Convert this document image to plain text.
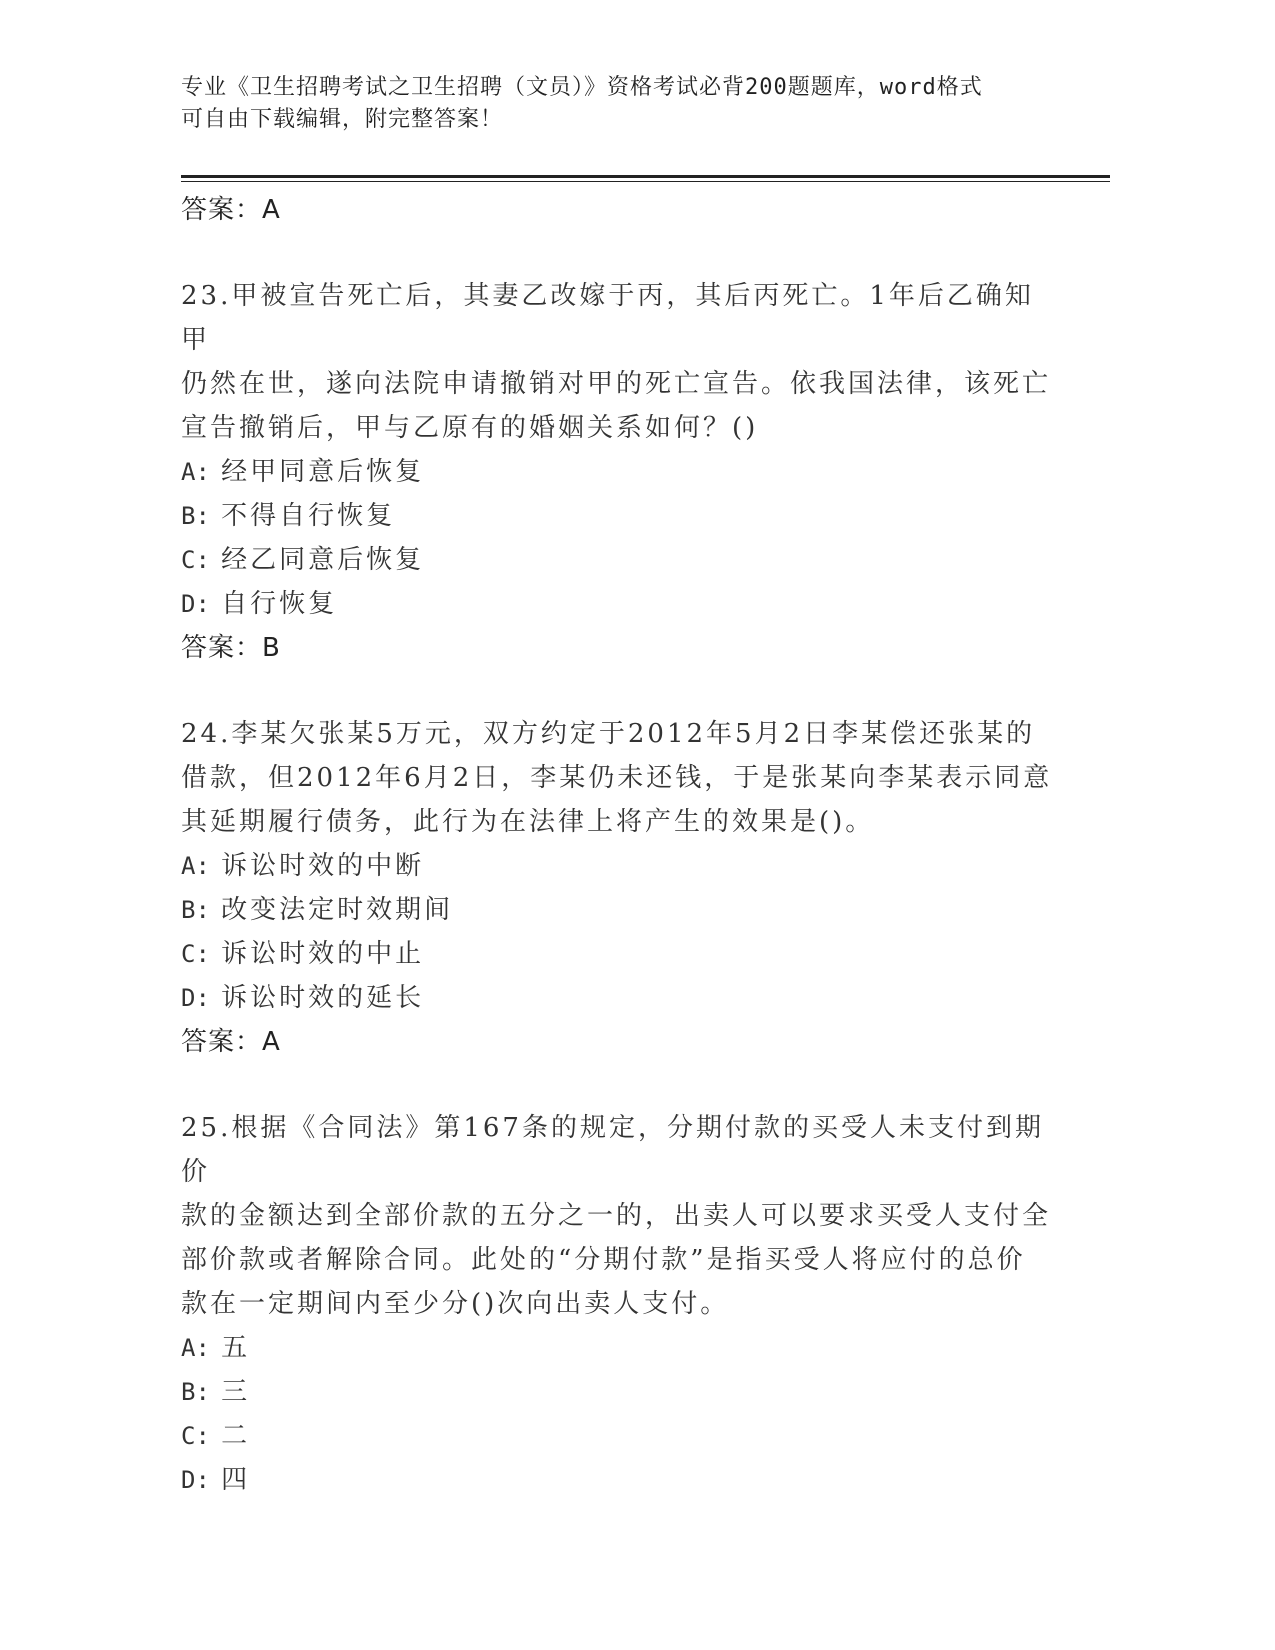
专业《卫生招聘考试之卫生招聘（文员）》资格考试必背200题题库，word格式
可自由下载编辑，附完整答案！
答案：A
23.甲被宣告死亡后，其妻乙改嫁于丙，其后丙死亡。1年后乙确知甲
仍然在世，遂向法院申请撤销对甲的死亡宣告。依我国法律，该死亡
宣告撤销后，甲与乙原有的婚姻关系如何？()
A: 经甲同意后恢复
B: 不得自行恢复
C: 经乙同意后恢复
D: 自行恢复
答案：B
24.李某欠张某5万元，双方约定于2012年5月2日李某偿还张某的
借款，但2012年6月2日，李某仍未还钱，于是张某向李某表示同意
其延期履行债务，此行为在法律上将产生的效果是()。
A: 诉讼时效的中断
B: 改变法定时效期间
C: 诉讼时效的中止
D: 诉讼时效的延长
答案：A
25.根据《合同法》第167条的规定，分期付款的买受人未支付到期价
款的金额达到全部价款的五分之一的，出卖人可以要求买受人支付全
部价款或者解除合同。此处的“分期付款”是指买受人将应付的总价
款在一定期间内至少分()次向出卖人支付。
A: 五
B: 三
C: 二
D: 四
